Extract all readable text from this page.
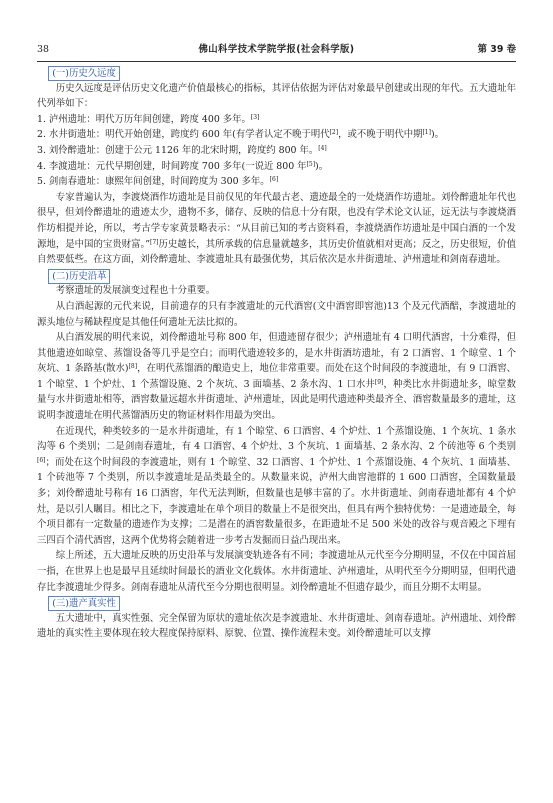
38	佛山科学技术学院学报(社会科学版)	第 39 卷
(一)历史久远度

历史久远度是评估历史文化遗产价值最核心的指标，其评估依据为评估对象最早创建或出现的年代。五大遗址年代列举如下：

1. 泸州遗址：明代万历年间创建，跨度 400 多年。[3]

2. 水井街遗址：明代开始创建，跨度约 600 年(有学者认定不晚于明代[2]，或不晚于明代中期[1])。

3. 刘伶醉遗址：创建于公元 1126 年的北宋时期，跨度约 800 年。[4]

4. 李渡遗址：元代早期创建，时间跨度 700 多年(一说近 800 年[5])。

5. 剑南春遗址：康熙年间创建，时间跨度为 300 多年。[6]

专家普遍认为，李渡烧酒作坊遗址是目前仅见的年代最古老、遗迹最全的一处烧酒作坊遗址。刘伶醉遗址年代也很早，但刘伶醉遗址的遗迹太少，遗物不多，储存、反映的信息十分有限，也没有学术论文认证，远无法与李渡烧酒作坊相提并论，所以，考古学专家黄景略表示：“从目前已知的考古资料看，李渡烧酒作坊遗址是中国白酒的一个发源地，是中国的宝贵财富。”[7]历史越长，其所承载的信息量就越多，其历史价值就相对更高；反之，历史很短，价值自然要低些。在这方面，刘伶醉遗址、李渡遗址具有最强优势，其后依次是水井街遗址、泸州遗址和剑南春遗址。

(二)历史沿革

考察遗址的发展演变过程也十分重要。

从白酒起源的元代来说，目前遗存的只有李渡遗址的元代酒窖(文中酒窖即窖池)13 个及元代酒醅，李渡遗址的源头地位与稀缺程度是其他任何遗址无法比拟的。

从白酒发展的明代来说，刘伶醉遗址号称 800 年，但遗迹留存很少；泸州遗址有 4 口明代酒窖，十分难得，但其他遗迹如晾堂、蒸馏设备等几乎是空白；而明代遗迹较多的，是水井街酒坊遗址，有 2 口酒窖、1 个晾堂、1 个灰坑、1 条路基(散水)[8]，在明代蒸馏酒的酿造史上，地位非常重要。而处在这个时间段的李渡遗址，有 9 口酒窖、1 个晾堂、1 个炉灶、1 个蒸馏设施、2 个灰坑、3 面墙基、2 条水沟、1 口水井[9]，种类比水井街遗址多，晾堂数量与水井街遗址相等，酒窖数量远超水井街遗址、泸州遗址，因此是明代遗迹种类最齐全、酒窖数量最多的遗址，这说明李渡遗址在明代蒸馏酒历史的物证材料作用最为突出。

在近现代，种类较多的一是水井街遗址，有 1 个晾堂、6 口酒窖、4 个炉灶、1 个蒸馏设施、1 个灰坑、1 条水沟等 6 个类别；二是剑南春遗址，有 4 口酒窖、4 个炉灶、3 个灰坑、1 面墙基、2 条水沟、2 个砖池等 6 个类别[6]；而处在这个时间段的李渡遗址，则有 1 个晾堂、32 口酒窖、1 个炉灶、1 个蒸馏设施、4 个灰坑、1 面墙基、1 个砖池等 7 个类别，所以李渡遗址是品类最全的。从数量来说，泸州大曲窖池群的 1 600 口酒窖，全国数量最多；刘伶醉遗址号称有 16 口酒窖，年代无法判断，但数量也是够丰富的了。水井街遗址、剑南春遗址都有 4 个炉灶，是以引人瞩目。相比之下，李渡遗址在单个项目的数量上不是很突出，但具有两个独特优势：一是遗迹最全，每个项目都有一定数量的遗迹作为支撑；二是潜在的酒窖数量很多，在距遗址不足 500 米处的改谷与观音殿之下埋有三四百个清代酒窖，这两个优势将会随着进一步考古发掘而日益凸现出来。

综上所述，五大遗址反映的历史沿革与发展演变轨迹各有不同；李渡遗址从元代至今分期明显，不仅在中国首屈一指，在世界上也是最早且延续时间最长的酒业文化载体。水井街遗址、泸州遗址，从明代至今分期明显，但明代遗存比李渡遗址少得多。剑南春遗址从清代至今分期也很明显。刘伶醉遗址不但遗存最少，而且分期不太明显。

(三)遗产真实性

五大遗址中，真实性强、完全保留为原状的遗址依次是李渡遗址、水井街遗址、剑南春遗址。泸州遗址、刘伶醉遗址的真实性主要体现在较大程度保持原料、原貌、位置、操作流程未变。刘伶醉遗址可以支撑
